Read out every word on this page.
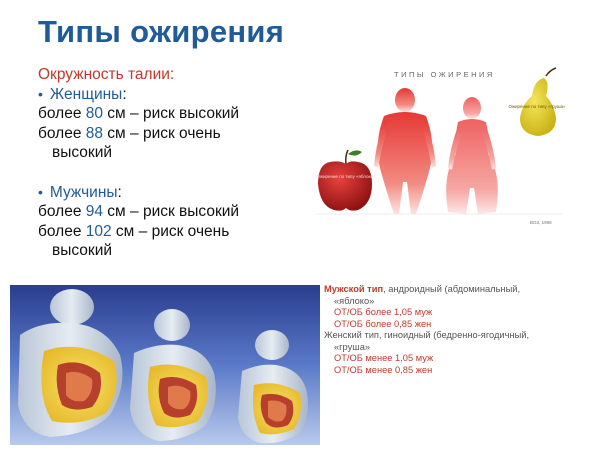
Типы ожирения
Окружность талии:
• Женщины:
более 80 см – риск высокий
более 88 см – риск очень
высокий
• Мужчины:
более 94 см – риск высокий
более 102 см – риск очень
высокий
ТИПЫ ОЖИРЕНИЯ
Ожирение по типу «яблоко»
Ожирение по типу «груша»
ВОЗ, 1998
Мужской тип, андроидный (абдоминальный,
«яблоко»
ОТ/ОБ более 1,05 муж
ОТ/ОБ более 0,85 жен
Женский тип, гиноидный (бедренно-ягодичный,
«груша»
ОТ/ОБ менее 1,05 муж
ОТ/ОБ менее 0,85 жен
